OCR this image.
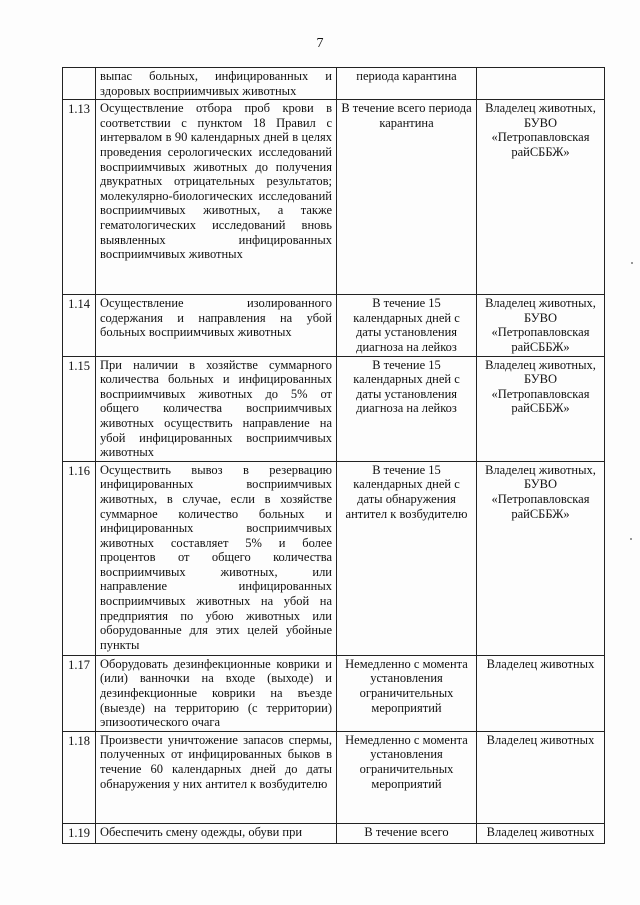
7
	выпас больных, инфицированных и здоровых восприимчивых животных	периода карантина	
1.13	Осуществление отбора проб крови в соответствии с пунктом 18 Правил с интервалом в 90 календарных дней в целях проведения серологических исследований восприимчивых животных до получения двукратных отрицательных результатов; молекулярно-биологических исследований восприимчивых животных, а также гематологических исследований вновь выявленных инфицированных восприимчивых животных	В течение всего периода карантина	Владелец животных, БУВО «Петропавловская райСББЖ»
1.14	Осуществление изолированного содержания и направления на убой больных восприимчивых животных	В течение 15 календарных дней с даты установления диагноза на лейкоз	Владелец животных, БУВО «Петропавловская райСББЖ»
1.15	При наличии в хозяйстве суммарного количества больных и инфицированных восприимчивых животных до 5% от общего количества восприимчивых животных осуществить направление на убой инфицированных восприимчивых животных	В течение 15 календарных дней с даты установления диагноза на лейкоз	Владелец животных, БУВО «Петропавловская райСББЖ»
1.16	Осуществить вывоз в резервацию инфицированных восприимчивых животных, в случае, если в хозяйстве суммарное количество больных и инфицированных восприимчивых животных составляет 5% и более процентов от общего количества восприимчивых животных, или направление инфицированных восприимчивых животных на убой на предприятия по убою животных или оборудованные для этих целей убойные пункты	В течение 15 календарных дней с даты обнаружения антител к возбудителю	Владелец животных, БУВО «Петропавловская райСББЖ»
1.17	Оборудовать дезинфекционные коврики и (или) ванночки на входе (выходе) и дезинфекционные коврики на въезде (выезде) на территорию (с территории) эпизоотического очага	Немедленно с момента установления ограничительных мероприятий	Владелец животных
1.18	Произвести уничтожение запасов спермы, полученных от инфицированных быков в течение 60 календарных дней до даты обнаружения у них антител к возбудителю	Немедленно с момента установления ограничительных мероприятий	Владелец животных
1.19	Обеспечить смену одежды, обуви при	В течение всего	Владелец животных
